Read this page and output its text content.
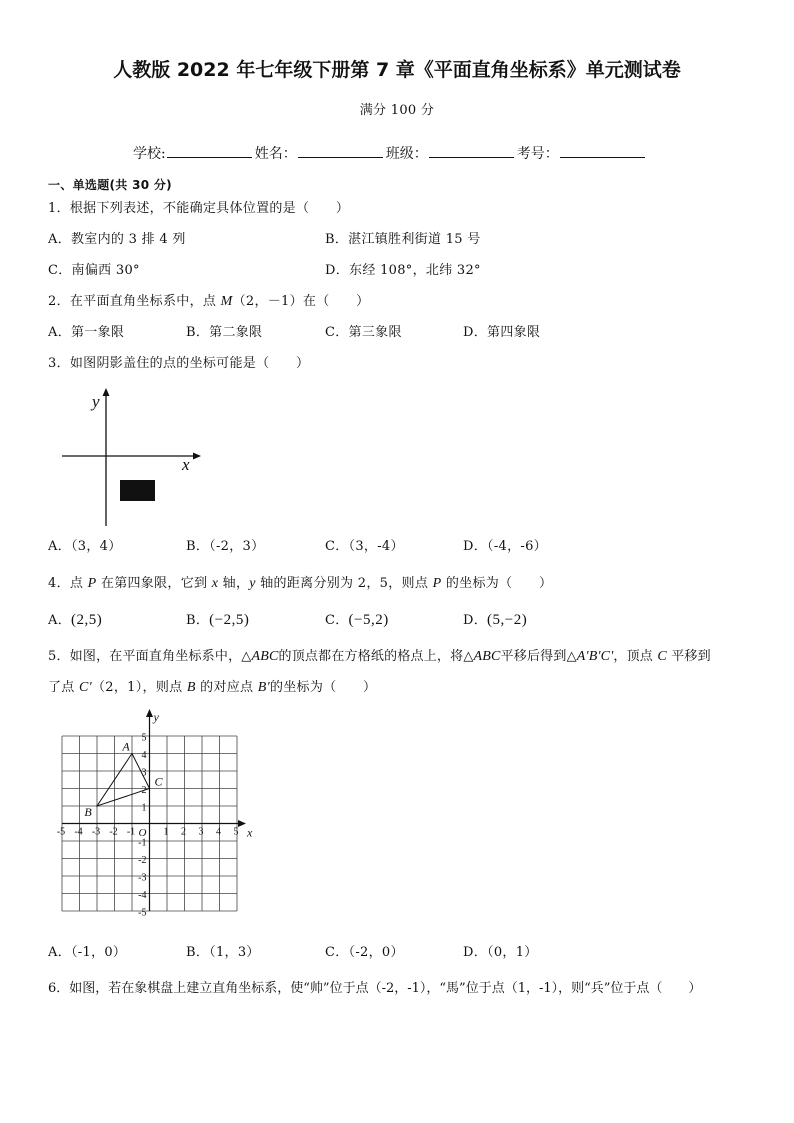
人教版 2022 年七年级下册第 7 章《平面直角坐标系》单元测试卷
满分 100 分
学校:	姓名：	班级：	考号：
一、单选题(共 30 分)
1．根据下列表述，不能确定具体位置的是（　　）
A．教室内的 3 排 4 列	B．湛江镇胜利街道 15 号
C．南偏西 30°	D．东经 108°，北纬 32°
2．在平面直角坐标系中，点 M（2，－1）在（　　）
A．第一象限	B．第二象限	C．第三象限	D．第四象限
3．如图阴影盖住的点的坐标可能是（　　）
y
x
A．（3，4）	B．（-2，3）	C．（3，-4）	D．（-4，-6）
4．点 P 在第四象限，它到 x 轴，y 轴的距离分别为 2，5，则点 P 的坐标为（　　）
A．(2,5)	B．(−2,5)	C．(−5,2)	D．(5,−2)
5．如图，在平面直角坐标系中，△ABC的顶点都在方格纸的格点上，将△ABC平移后得到△A'B'C'，顶点 C 平移到
了点 C'（2，1），则点 B 的对应点 B'的坐标为（　　）
-5 -4 -3 -2 -1	1 2 3 4 5
5
4
3
2
1
-1
-2
-3
-4
-5
O	x
y
A
B
C
A．（-1，0）	B．（1，3）	C．（-2，0）	D．（0，1）
6．如图，若在象棋盘上建立直角坐标系，使“帅”位于点（-2，-1），“馬”位于点（1，-1），则“兵”位于点（　　）
